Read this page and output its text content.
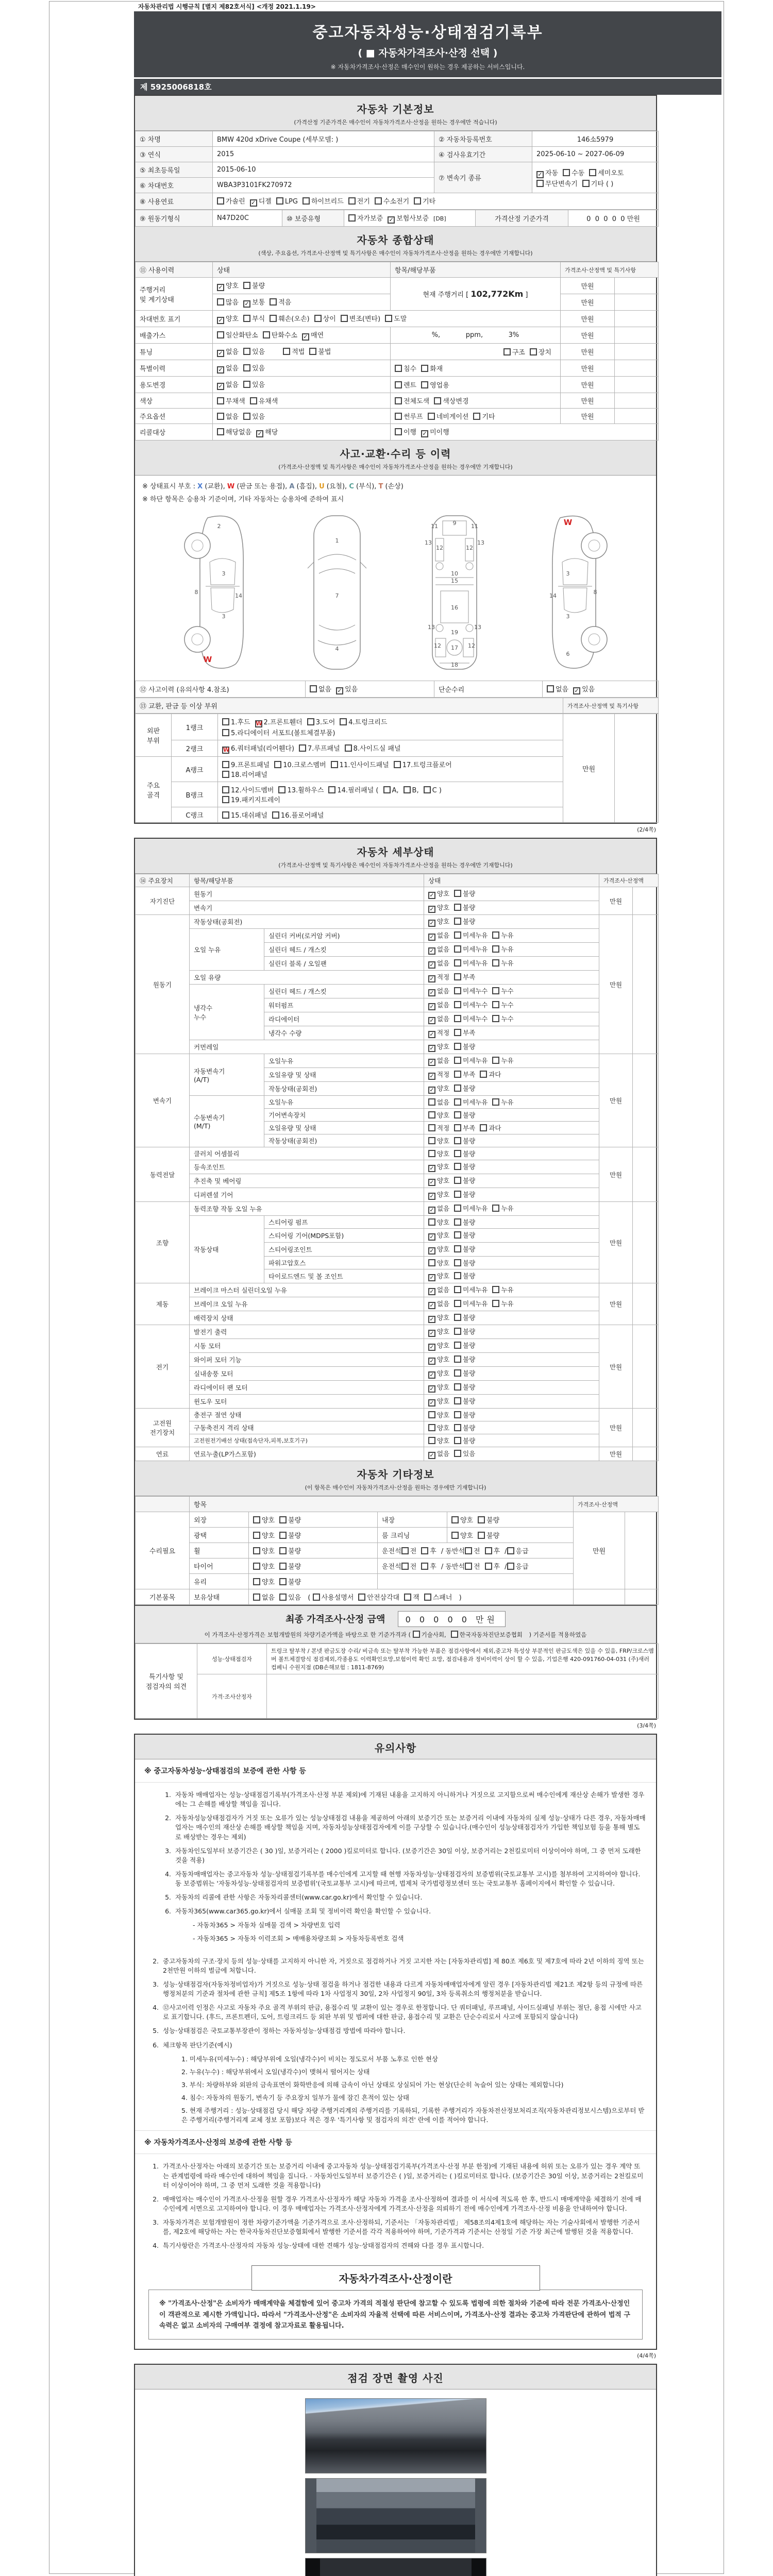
자동차관리법 시행규칙 [별지 제82호서식] <개정 2021.1.19>
중고자동차성능·상태점검기록부
( ■ 자동차가격조사·산정 선택 )
※ 자동차가격조사·산정은 매수인이 원하는 경우 제공하는 서비스입니다.
제 5925006818호
자동차 기본정보
(가격산정 기준가격은 매수인이 자동차가격조사·산정을 원하는 경우에만 적습니다)
① 차명	BMW 420d xDrive Coupe (세부모델: )	② 자동차등록번호	146소5979
③ 연식	2015	④ 검사유효기간	2025-06-10 ~ 2027-06-09
⑤ 최초등록일	2015-06-10	⑦ 변속기 종류	✓ 자동 수동 세미오토
무단변속기 기타 ( )
⑥ 차대번호	WBA3P3101FK270972		
⑧ 사용연료	가솔린 ✓ 디젤 LPG 하이브리드 전기 수소전기 기타		
⑨ 원동기형식	N47D20C	⑩ 보증유형	자가보증 ✓ 보험사보증 [DB]	가격산정 기준가격	0  0  0  0  0 만원
자동차 종합상태
(색상, 주요옵션, 가격조사·산정액 및 특기사항은 매수인이 자동차가격조사·산정을 원하는 경우에만 기재합니다)
⑪ 사용이력	상태	항목/해당부품	가격조사·산정액 및 특기사항	
주행거리
및 계기상태	✓ 양호 불량	현재 주행거리 [ 102,772Km ]	만원	
	많음 ✓ 보통 적음		만원	
차대번호 표기	✓ 양호 부식 훼손(오손) 상이 변조(변타) 도말		만원	
배출가스	일산화탄소 탄화수소 ✓ 매연	%,            ppm,            3%	만원	
튜닝	✓ 없음 있음 적법 불법	구조 장치	만원	
특별이력	✓ 없음 있음	침수 화재	만원	
용도변경	✓ 없음 있음	렌트 영업용	만원	
색상	무채색 유채색	전체도색 색상변경	만원	
주요옵션	없음 있음	썬루프 네비게이션 기타	만원	
리콜대상	해당없음 ✓ 해당	이행 ✓ 미이행		
사고·교환·수리 등 이력
(가격조사·산정액 및 특기사항은 매수인이 자동차가격조사·산정을 원하는 경우에만 기재합니다)
※ 상태표시 부호 : X (교환), W (판금 또는 용접), A (흠집), U (요철), C (부식), T (손상)
※ 하단 항목은 승용차 기준이며, 기타 자동차는 승용차에 준하여 표시
2
8
3
14
3
W
1
7
4
11	9	11
13
12	12
13
10
15
16
13
19
13
12 17 12
18
3
8
14
3
6
W
⑫ 사고이력 (유의사항 4.참조)	없음 ✓ 있음	단순수리	없음 ✓ 있음
⑬ 교환, 판금 등 이상 부위	가격조사·산정액 및 특기사항
외판
부위	1랭크	1.후드 W 2.프론트휀더 3.도어 4.트렁크리드
5.라디에이터 서포트(볼트체결부품)	만원	
	2랭크	W 6.쿼터패널(리어휀다) 7.루프패널 8.사이드실 패널		
주요
골격	A랭크	9.프론트패널 10.크로스멤버 11.인사이드패널 17.트렁크플로어
18.리어패널		
	B랭크	12.사이드멤버 13.휠하우스 14.필러패널 ( A, B, C )
19.패키지트레이		
	C랭크	15.대쉬패널 16.플로어패널		
(2/4쪽)
자동차 세부상태
(가격조사·산정액 및 특기사항은 매수인이 자동차가격조사·산정을 원하는 경우에만 기재합니다)
⑭ 주요장치	항목/해당부품		상태	가격조사·산정액	
자기진단	원동기		✓ 양호 불량	만원	
	변속기		✓ 양호 불량		
원동기	작동상태(공회전)		✓ 양호 불량	만원	
	오일 누유	실린더 커버(로커암 커버)	✓ 없음 미세누유 누유		
		실린더 헤드 / 개스킷	✓ 없음 미세누유 누유		
		실린더 블록 / 오일팬	✓ 없음 미세누유 누유		
	오일 유량		✓ 적정 부족		
	냉각수
누수	실린더 헤드 / 개스킷	✓ 없음 미세누수 누수		
		워터펌프	✓ 없음 미세누수 누수		
		라디에이터	✓ 없음 미세누수 누수		
		냉각수 수량	✓ 적정 부족		
	커먼레일		✓ 양호 불량		
변속기	자동변속기
(A/T)	오일누유	✓ 없음 미세누유 누유	만원	
		오일유량 및 상태	✓ 적정 부족 과다		
		작동상태(공회전)	✓ 양호 불량		
	수동변속기
(M/T)	오일누유	없음 미세누유 누유		
		기어변속장치	양호 불량		
		오일유량 및 상태	적정 부족 과다		
		작동상태(공회전)	양호 불량		
동력전달	클러치 어셈블리		양호 불량	만원	
	등속조인트		✓ 양호 불량		
	추진축 및 베어링		✓ 양호 불량		
	디퍼렌셜 기어		✓ 양호 불량		
조향	동력조향 작동 오일 누유		✓ 없음 미세누유 누유	만원	
	작동상태	스티어링 펌프	양호 불량		
		스티어링 기어(MDPS포함)	✓ 양호 불량		
		스티어링조인트	✓ 양호 불량		
		파워고압호스	양호 불량		
		타이로드엔드 및 볼 조인트	✓ 양호 불량		
제동	브레이크 마스터 실린더오일 누유		✓ 없음 미세누유 누유	만원	
	브레이크 오일 누유		✓ 없음 미세누유 누유		
	배력장치 상태		✓ 양호 불량		
전기	발전기 출력		✓ 양호 불량	만원	
	시동 모터		✓ 양호 불량		
	와이퍼 모터 기능		✓ 양호 불량		
	실내송풍 모터		✓ 양호 불량		
	라디에이터 팬 모터		✓ 양호 불량		
	윈도우 모터		✓ 양호 불량		
고전원
전기장치	충전구 절연 상태		양호 불량	만원	
	구동축전지 격리 상태		양호 불량		
	고전원전기배선 상태(접속단자,피복,보호기구)		양호 불량		
연료	연료누출(LP가스포함)		✓ 없음 있음	만원	
자동차 기타정보
(이 항목은 매수인이 자동차가격조사·산정을 원하는 경우에만 기재합니다)
	항목				가격조사·산정액	
수리필요	외장	양호 불량	내장	양호 불량	만원	
	광택	양호 불량	룸 크리닝	양호 불량		
	휠	양호 불량	운전석 전 후 / 동반석 전 후 / 응급			
	타이어	양호 불량	운전석 전 후 / 동반석 전 후 / 응급			
	유리	양호 불량				
기본품목	보유상태	없음 있음 ( 사용설명서 안전삼각대 잭 스패너 )				
최종 가격조사·산정 금액 0 0 0 0 0 만원
이 가격조사·산정가격은 보험개발원의 차량기준가액을 바탕으로 한 기준가격과 ( 기술사회, 한국자동차진단보증협회 ) 기준서를 적용하였음
특기사항 및
점검자의 의견	성능·상태점검자	트렁크 탈부착 / 본넷 판금도장 수리/ 비금속 또는 탈부착 가능한 부품은 점검사항에서 제외,중고차 특성상 부분적인 판금도색은 있을 수 있음, FRP/크로스멤버 볼트체결방식 점검제외,각종용도 이력확인요망,보험이력 확인 요망, 점검내용과 정비이력이 상이 할 수 있음, 기업은행 420-091760-04-031 (주)새러컴페니 수원지점 (DB손해보험 : 1811-8769)
	가격·조사산정자	
(3/4쪽)
유의사항
※ 중고자동차성능·상태점검의 보증에 관한 사항 등
1. 자동차 매매업자는 성능·상태점검기록부(가격조사·산정 부분 제외)에 기재된 내용을 고지하지 아니하거나 거짓으로 고지함으로써 매수인에게 재산상 손해가 발생한 경우에는 그 손해를 배상할 책임을 집니다.
2. 자동차성능상태점검자가 거짓 또는 오류가 있는 성능상태점검 내용을 제공하여 아래의 보증기간 또는 보증거리 이내에 자동차의 실제 성능·상태가 다른 경우, 자동차매매업자는 매수인의 재산상 손해를 배상할 책임을 지며, 자동차성능상태점검자에게 이를 구상할 수 있습니다.(매수인이 성능상태점검자가 가입한 책임보험 등을 통해 별도로 배상받는 경우는 제외)
3. 자동차인도일부터 보증기간은 ( 30 )일, 보증거리는 ( 2000 )킬로미터로 합니다. (보증기간은 30일 이상, 보증거리는 2천킬로미터 이상이어야 하며, 그 중 먼저 도래한 것을 적용)
4. 자동차매매업자는 중고자동차 성능·상태점검기록부를 매수인에게 고지할 때 현행 자동차성능·상태점검자의 보증범위(국토교통부 고시)를 첨부하여 고지하여야 합니다. 동 보증범위는 '자동차성능·상태점검자의 보증범위'(국토교통부 고시)에 따르며, 법제처 국가법령정보센터 또는 국토교통부 홈페이지에서 확인할 수 있습니다.
5. 자동차의 리콜에 관한 사항은 자동차리콜센터(www.car.go.kr)에서 확인할 수 있습니다.
6. 자동차365(www.car365.go.kr)에서 실매물 조회 및 정비이력 확인을 확인할 수 있습니다.
- 자동차365 > 자동차 실매물 검색 > 차량번호 입력
- 자동차365 > 자동차 이력조회 > 매매용차량조회 > 자동차등록번호 검색
2. 중고자동차의 구조·장치 등의 성능·상태를 고지하지 아니한 자, 거짓으로 점검하거나 거짓 고지한 자는 [자동차관리법] 제 80조 제6호 및 제7호에 따라 2년 이하의 징역 또는 2천만원 이하의 벌금에 처합니다.
3. 성능·상태점검자(자동차정비업자)가 거짓으로 성능·상태 점검을 하거나 점검한 내용과 다르게 자동차매매업자에게 알린 경우 [자동차관리법 제21조 제2항 등의 규정에 따른 행정처분의 기준과 절차에 관한 규칙] 제5조 1항에 따라 1차 사업정지 30일, 2차 사업정지 90일, 3차 등록취소의 행정처분을 받습니다.
4. ⑫사고이력 인정은 사고로 자동차 주요 골격 부위의 판금, 용접수리 및 교환이 있는 경우로 한정합니다. 단 쿼터패널, 루프패널, 사이드실패널 부위는 절단, 용접 시에만 사고로 표기합니다. (후드, 프론트펜더, 도어, 트렁크리드 등 외판 부위 및 범퍼에 대한 판금, 용접수리 및 교환은 단순수리로서 사고에 포함되지 않습니다)
5. 성능·상태점검은 국토교통부장관이 정하는 자동차성능·상태점검 방법에 따라야 합니다.
6. 체크항목 판단기준(예시)
1. 미세누유(미세누수) : 해당부위에 오일(냉각수)이 비치는 정도로서 부품 노후로 인한 현상
2. 누유(누수) : 해당부위에서 오일(냉각수)이 맺혀서 떨어지는 상태
3. 부식: 차량하부와 외판의 금속표면이 화학반응에 의해 금속이 아닌 상태로 상실되어 가는 현상(단순히 녹슬어 있는 상태는 제외합니다)
4. 침수: 자동차의 원동기, 변속기 등 주요장치 일부가 물에 잠긴 흔적이 있는 상태
5. 현재 주행거리 : 성능·상태점검 당시 해당 차량 주행거리계의 주행거리를 기록하되, 기록한 주행거리가 자동차전산정보처리조직(자동차관리정보시스템)으로부터 받은 주행거리(주행거리계 교체 정보 포함)보다 적은 경우 '특기사항 및 점검자의 의견' 란에 이를 적어야 합니다.
※ 자동차가격조사·산정의 보증에 관한 사항 등
1. 가격조사·산정자는 아래의 보증기간 또는 보증거리 이내에 중고자동차 성능·상태점검기록부(가격조사·산정 부분 한정)에 기재된 내용에 허위 또는 오류가 있는 경우 계약 또는 관계법령에 따라 매수인에 대하여 책임을 집니다. · 자동차인도일부터 보증기간은 ( )일, 보증거리는 ( )킬로미터로 합니다. (보증기간은 30일 이상, 보증거리는 2천킬로미터 이상이어야 하며, 그 중 먼저 도래한 것을 적용합니다)
2. 매매업자는 매수인이 가격조사·산정을 원할 경우 가격조사·산정자가 해당 자동차 가격을 조사·산정하여 결과를 이 서식에 적도록 한 후, 반드시 매매계약을 체결하기 전에 매수인에게 서면으로 고지하여야 합니다. 이 경우 매매업자는 가격조사·산정자에게 가격조사·산정을 의뢰하기 전에 매수인에게 가격조사·산정 비용을 안내하여야 합니다.
3. 자동차가격은 보험개발원이 정한 차량기준가액을 기준가격으로 조사·산정하되, 기준서는 「자동차관리법」 제58조의4제1호에 해당하는 자는 기술사회에서 발행한 기준서를, 제2호에 해당하는 자는 한국자동차진단보증협회에서 발행한 기준서를 각각 적용하여야 하며, 기준가격과 기준서는 산정일 기준 가장 최근에 발행된 것을 적용합니다.
4. 특기사항란은 가격조사·산정자의 자동차 성능·상태에 대한 견해가 성능·상태점검자의 견해와 다를 경우 표시합니다.
자동차가격조사·산정이란
※ "가격조사·산정"은 소비자가 매매계약을 체결함에 있어 중고차 가격의 적절성 판단에 참고할 수 있도록 법령에 의한 절차와 기준에 따라 전문 가격조사·산정인이 객관적으로 제시한 가액입니다. 따라서 "가격조사·산정"은 소비자의 자율적 선택에 따른 서비스이며, 가격조사·산정 결과는 중고차 가격판단에 관하여 법적 구속력은 없고 소비자의 구매여부 결정에 참고자료로 활용됩니다.
(4/4쪽)
점검 장면 촬영 사진
